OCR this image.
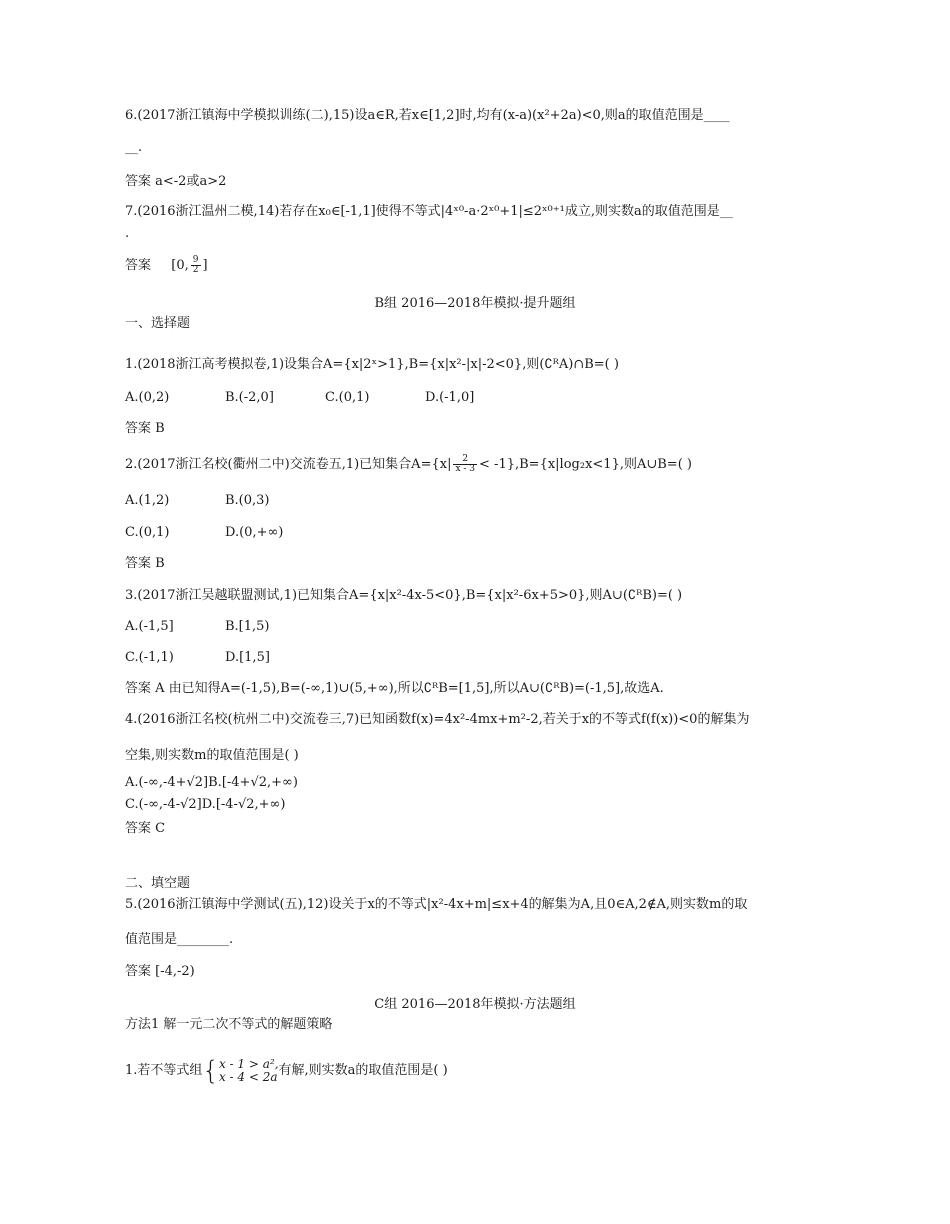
6.(2017浙江镇海中学模拟训练(二),15)设a∈R,若x∈[1,2]时,均有(x-a)(x²+2a)<0,则a的取值范围是____
__.
答案 a<-2或a>2
7.(2016浙江温州二模,14)若存在x₀∈[-1,1]使得不等式|4ˣ⁰-a·2ˣ⁰+1|≤2ˣ⁰⁺¹成立,则实数a的取值范围是__
.
答案 [0, $\frac{9}{2}$ ]
B组 2016—2018年模拟·提升题组
一、选择题
1.(2018浙江高考模拟卷,1)设集合A={x|2ˣ>1},B={x|x²-|x|-2<0},则(∁ᴿA)∩B=( )
A.(0,2)	B.(-2,0]	C.(0,1)	D.(-1,0]
答案 B
2.(2017浙江名校(衢州二中)交流卷五,1)已知集合$A=\{x| \frac{2}{x - 3} < -1\},B=\{x|\log_2x<1\}$,则A∪B=( )
A.(1,2)	B.(0,3)
C.(0,1)	D.(0,+∞)
答案 B
3.(2017浙江吴越联盟测试,1)已知集合A={x|x²-4x-5<0},B={x|x²-6x+5>0},则A∪(∁ᴿB)=( )
A.(-1,5]	B.[1,5)
C.(-1,1)	D.[1,5]
答案 A 由已知得A=(-1,5),B=(-∞,1)∪(5,+∞),所以∁ᴿB=[1,5],所以A∪(∁ᴿB)=(-1,5],故选A.
4.(2016浙江名校(杭州二中)交流卷三,7)已知函数f(x)=4x²-4mx+m²-2,若关于x的不等式f(f(x))<0的解集为
空集,则实数m的取值范围是( )
A.(-∞,-4+√2]B.[-4+√2,+∞)
C.(-∞,-4-√2]D.[-4-√2,+∞)
答案 C
二、填空题
5.(2016浙江镇海中学测试(五),12)设关于x的不等式|x²-4x+m|≤x+4的解集为A,且0∈A,2∉A,则实数m的取
值范围是________.
答案 [-4,-2)
C组 2016—2018年模拟·方法题组
方法1 解一元二次不等式的解题策略
1.若不等式组{ x - 1 > a²,
x - 4 < 2a 有解,则实数a的取值范围是( )
